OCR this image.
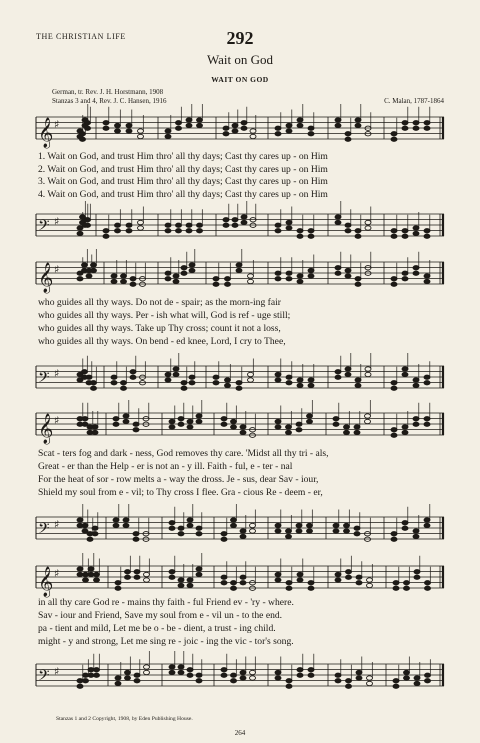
THE CHRISTIAN LIFE	292
Wait on God
WAIT ON GOD
German, tr. Rev. J. H. Horstmann, 1908
Stanzas 3 and 4, Rev. J. C. Hansen, 1916	C. Malan, 1787-1864
𝄞 ♯
1. Wait on God, and trust Him thro' all thy days; Cast thy cares up - on Him
2. Wait on God, and trust Him thro' all thy days; Cast thy cares up - on Him
3. Wait on God, and trust Him thro' all thy days; Cast thy cares up - on Him
4. Wait on God, and trust Him thro' all thy days; Cast thy cares up - on Him
𝄢 ♯
𝄞 ♯
who guides all thy ways. Do not de - spair; as the morn-ing fair
who guides all thy ways. Per - ish what will, God is ref - uge still;
who guides all thy ways. Take up Thy cross; count it not a loss,
who guides all thy ways. On bend - ed knee, Lord, I cry to Thee,
𝄢 ♯
𝄞 ♯
Scat - ters fog and dark - ness, God removes thy care. 'Midst all thy tri - als,
Great - er than the Help - er is not an - y ill. Faith - ful, e - ter - nal
For the heat of sor - row melts a - way the dross. Je - sus, dear Sav - iour,
Shield my soul from e - vil; to Thy cross I flee. Gra - cious Re - deem - er,
𝄢 ♯
𝄞 ♯
in all thy care God re - mains thy faith - ful Friend ev - 'ry - where.
Sav - iour and Friend, Save my soul from e - vil un - to the end.
pa - tient and mild, Let me be o - be - dient, a trust - ing child.
might - y and strong, Let me sing re - joic - ing the vic - tor's song.
𝄢 ♯
Stanzas 1 and 2 Copyright, 1908, by Eden Publishing House.
264
